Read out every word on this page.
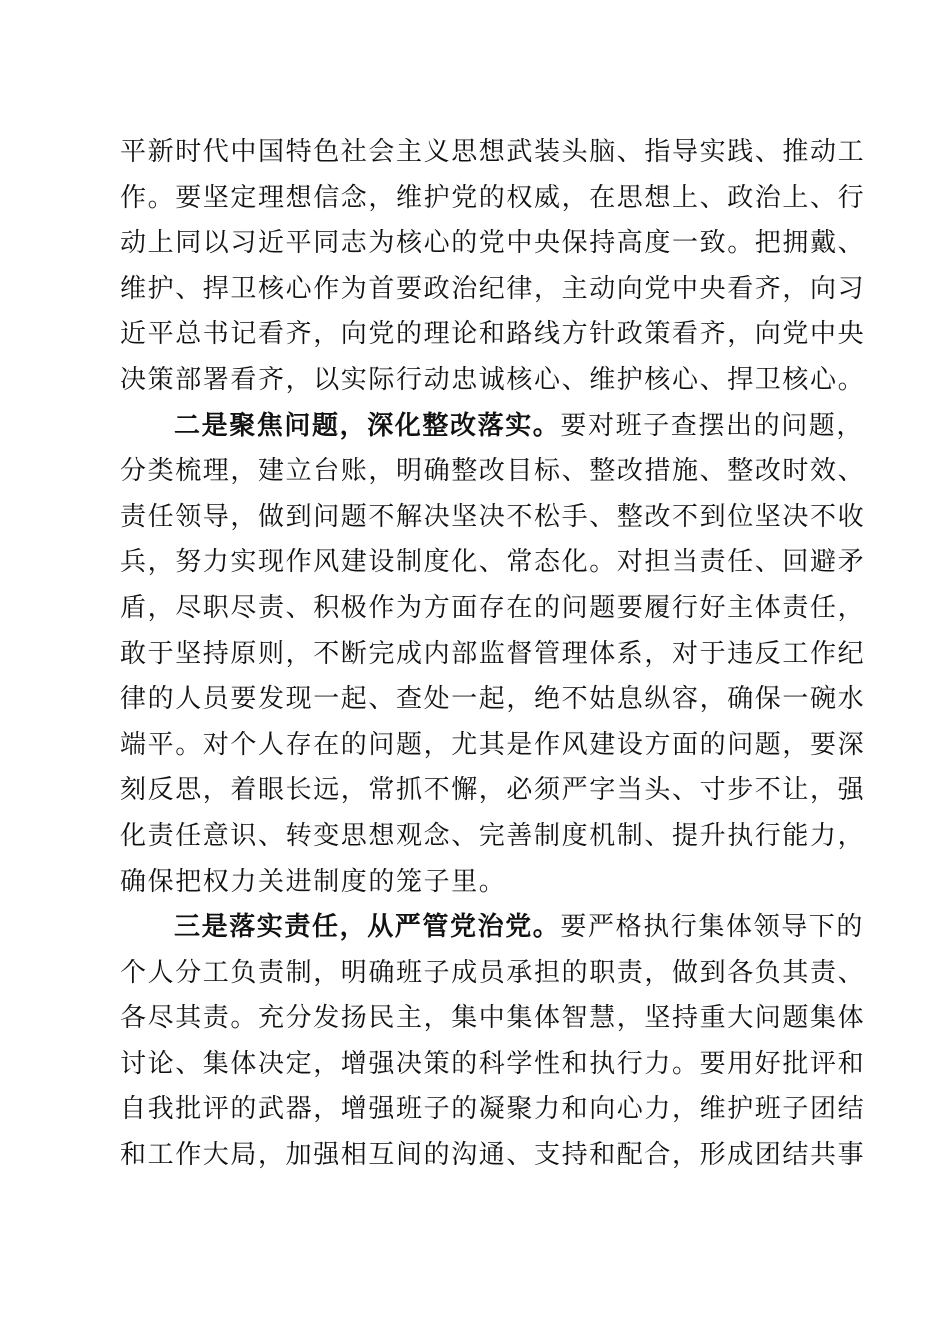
平新时代中国特色社会主义思想武装头脑、指导实践、推动工
作。要坚定理想信念，维护党的权威，在思想上、政治上、行
动上同以习近平同志为核心的党中央保持高度一致。把拥戴、
维护、捍卫核心作为首要政治纪律，主动向党中央看齐，向习
近平总书记看齐，向党的理论和路线方针政策看齐，向党中央
决策部署看齐，以实际行动忠诚核心、维护核心、捍卫核心。
二是聚焦问题，深化整改落实。要对班子查摆出的问题，
分类梳理，建立台账，明确整改目标、整改措施、整改时效、
责任领导，做到问题不解决坚决不松手、整改不到位坚决不收
兵，努力实现作风建设制度化、常态化。对担当责任、回避矛
盾，尽职尽责、积极作为方面存在的问题要履行好主体责任，
敢于坚持原则，不断完成内部监督管理体系，对于违反工作纪
律的人员要发现一起、查处一起，绝不姑息纵容，确保一碗水
端平。对个人存在的问题，尤其是作风建设方面的问题，要深
刻反思，着眼长远，常抓不懈，必须严字当头、寸步不让，强
化责任意识、转变思想观念、完善制度机制、提升执行能力，
确保把权力关进制度的笼子里。
三是落实责任，从严管党治党。要严格执行集体领导下的
个人分工负责制，明确班子成员承担的职责，做到各负其责、
各尽其责。充分发扬民主，集中集体智慧，坚持重大问题集体
讨论、集体决定，增强决策的科学性和执行力。要用好批评和
自我批评的武器，增强班子的凝聚力和向心力，维护班子团结
和工作大局，加强相互间的沟通、支持和配合，形成团结共事
